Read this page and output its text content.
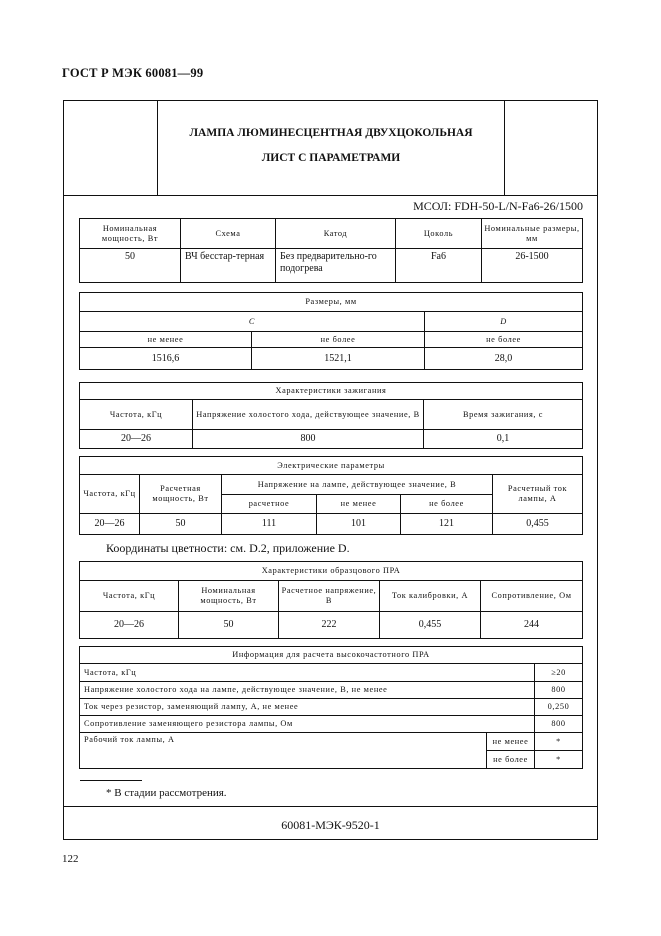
ГОСТ Р МЭК 60081—99
ЛАМПА ЛЮМИНЕСЦЕНТНАЯ ДВУХЦОКОЛЬНАЯ
ЛИСТ С ПАРАМЕТРАМИ
МСОЛ: FDH-50-L/N-Fa6-26/1500
Номинальная мощность, Вт	Схема	Катод	Цоколь	Номинальные размеры, мм
50	ВЧ бесстар-терная	Без предварительно-го подогрева	Fa6	26-1500
Размеры, мм		
C		D
не менее	не более	не более
1516,6	1521,1	28,0
Характеристики зажигания		
Частота, кГц	Напряжение холостого хода, действующее значение, В	Время зажигания, с
20—26	800	0,1
Электрические параметры					
Частота, кГц	Расчетная мощность, Вт	Напряжение на лампе, действующее значение, В			Расчетный ток лампы, А
		расчетное	не менее	не более	
20—26	50	111	101	121	0,455
Координаты цветности: см. D.2, приложение D.
Характеристики образцового ПРА				
Частота, кГц	Номинальная мощность, Вт	Расчетное напряжение, В	Ток калибровки, А	Сопротивление, Ом
20—26	50	222	0,455	244
Информация для расчета высокочастотного ПРА		
Частота, кГц		≥20
Напряжение холостого хода на лампе, действующее значение, В, не менее		800
Ток через резистор, заменяющий лампу, А, не менее		0,250
Сопротивление заменяющего резистора лампы, Ом		800
Рабочий ток лампы, А	не менее	*
	не более	*
* В стадии рассмотрения.
60081-МЭК-9520-1
122
